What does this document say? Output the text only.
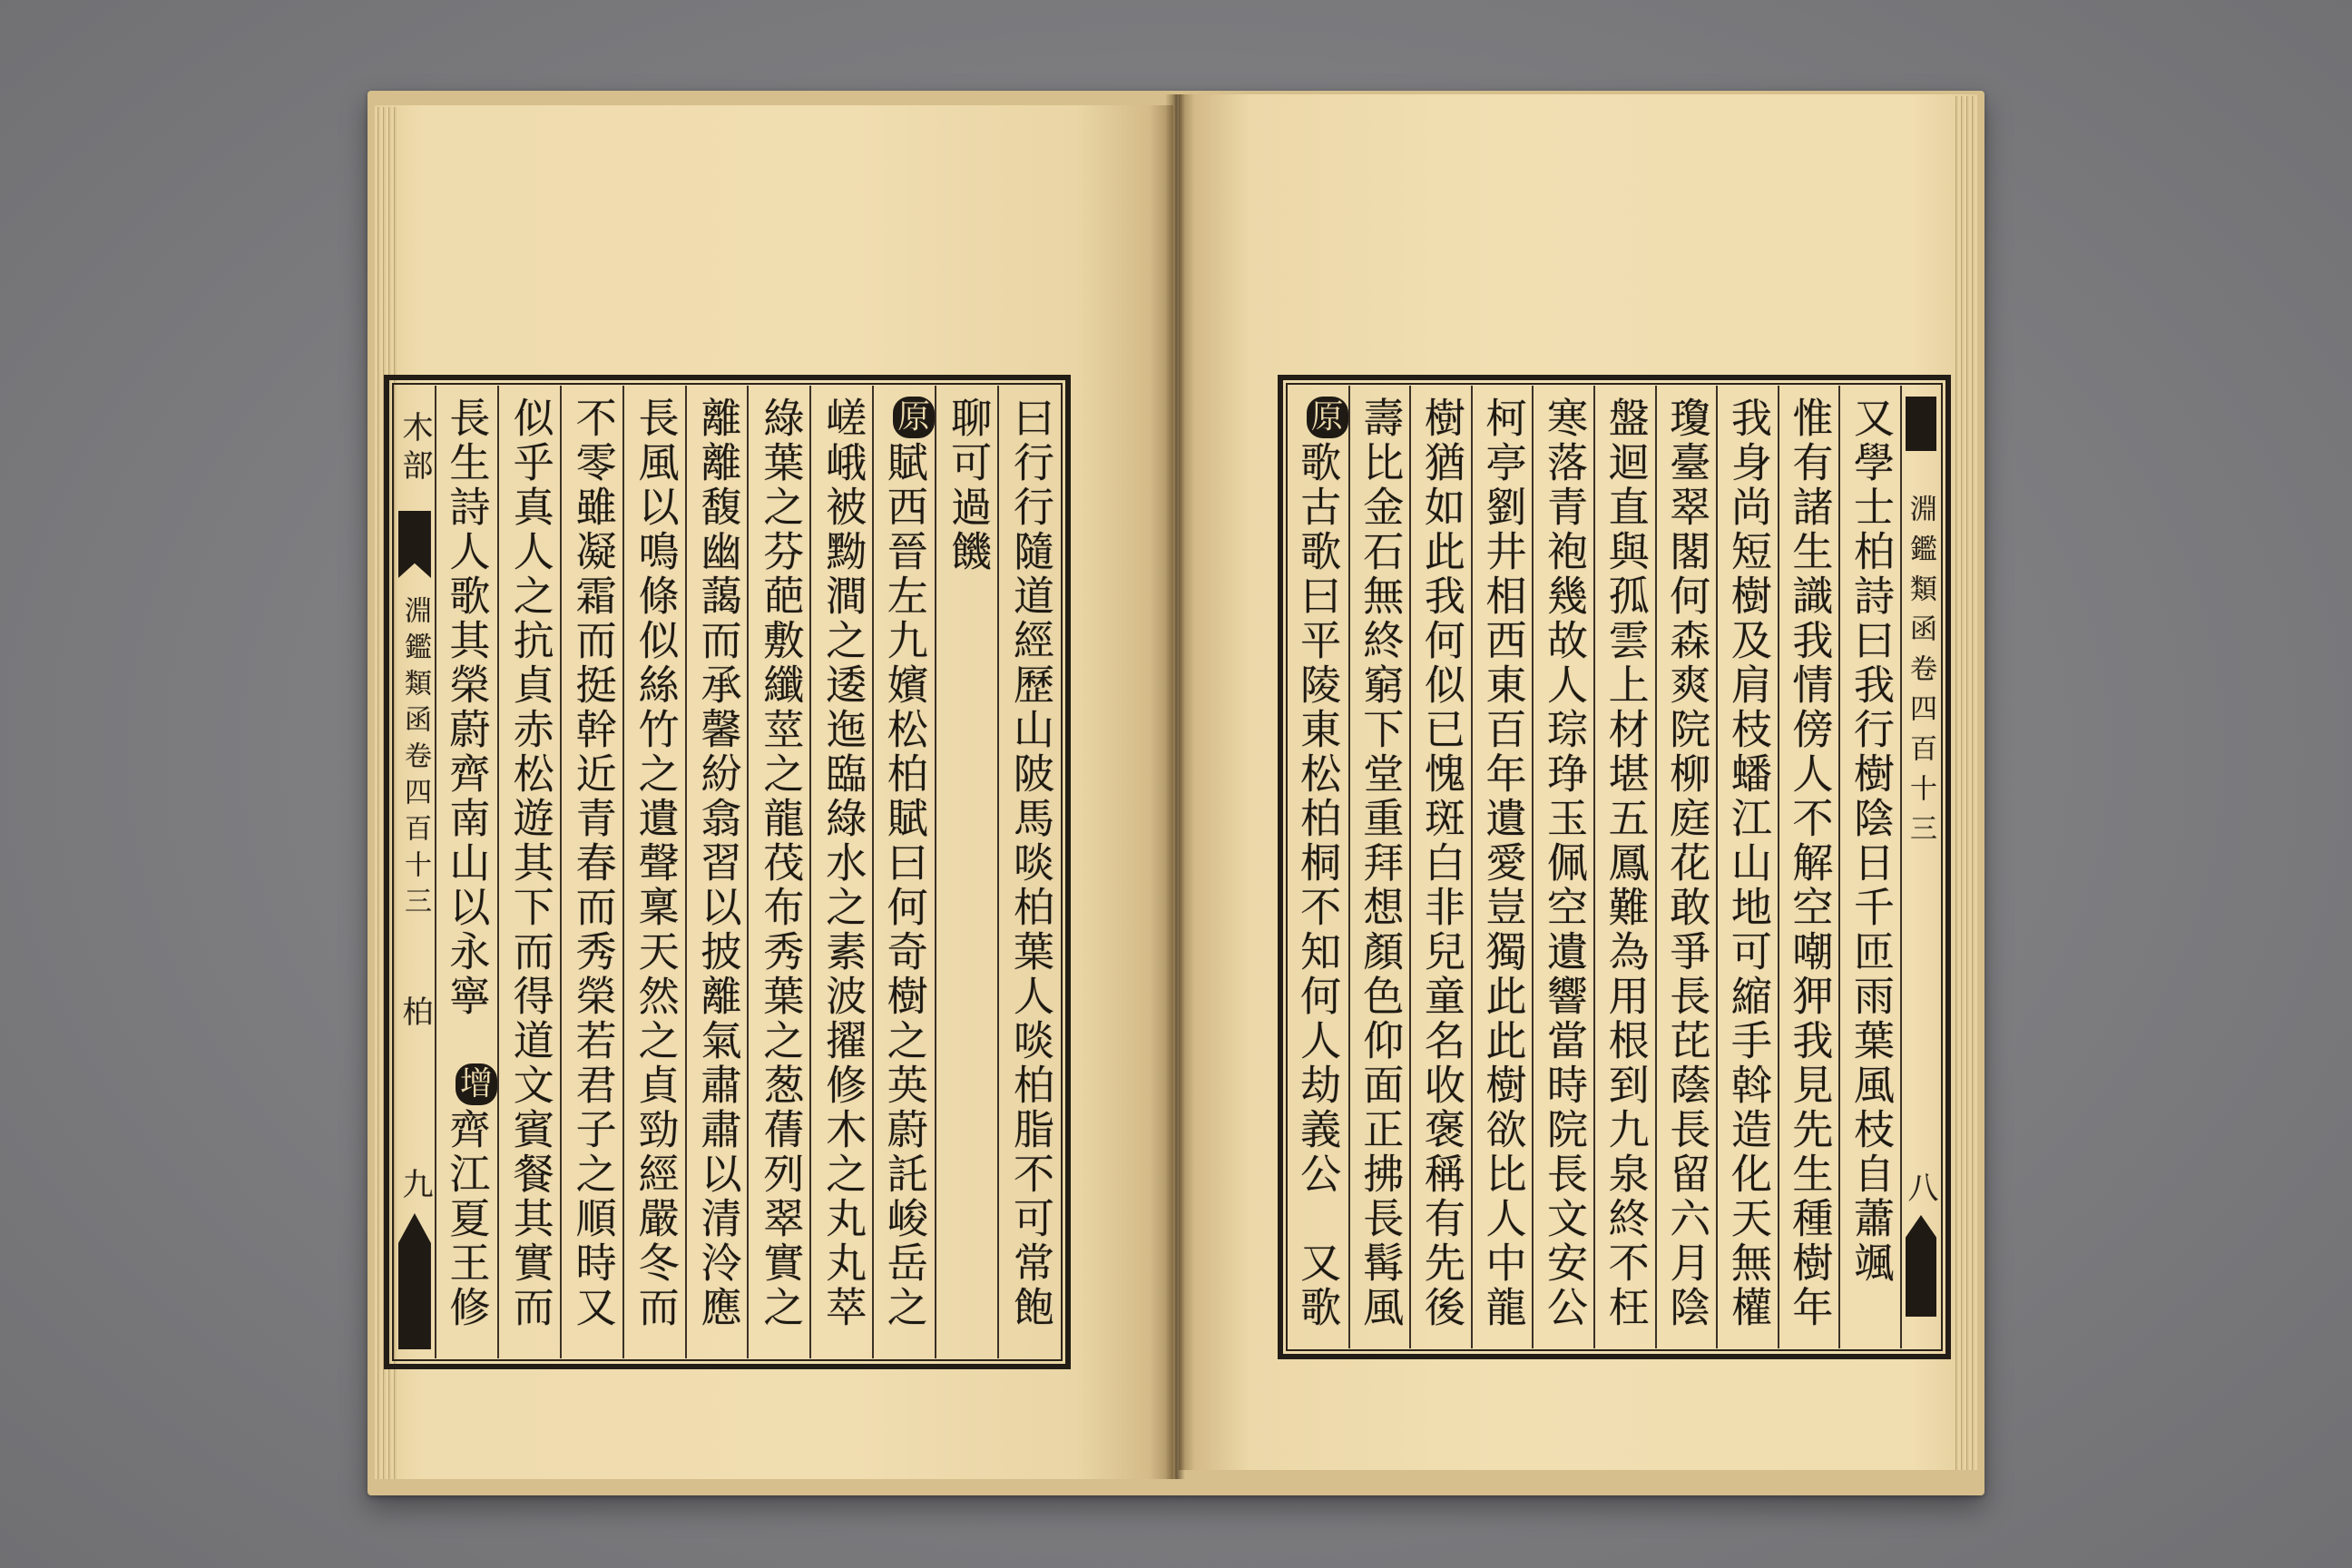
曰行行隨道經歷山陂馬啖柏葉人啖柏脂不可常飽
聊可過饑
原賦西晉左九嬪松柏賦曰何奇樹之英蔚託峻岳之
嵯峨被黝澗之逶迤臨綠水之素波擢修木之丸丸萃
綠葉之芬葩敷纖莖之龍茷布秀葉之葱蒨列翠實之
離離馥幽藹而承馨紛翕習以披離氣肅肅以清泠應
長風以鳴條似絲竹之遺聲稟天然之貞勁經嚴冬而
不零雖凝霜而挺幹近青春而秀榮若君子之順時又
似乎真人之抗貞赤松遊其下而得道文賓餐其實而
長生詩人歌其榮蔚齊南山以永寧增齊江夏王修
木部
淵鑑類函卷四百十三
柏
九
淵鑑類函卷四百十三
八
又學士柏詩曰我行樹陰日千匝雨葉風枝自蕭颯
惟有諸生識我情傍人不解空嘲狎我見先生種樹年
我身尚短樹及肩枝蟠江山地可縮手斡造化天無權
瓊臺翠閣何森爽院柳庭花敢爭長芘蔭長留六月陰
盤迴直與孤雲上材堪五鳳難為用根到九泉終不枉
寒落青袍幾故人琮琤玉佩空遺響當時院長文安公
柯亭劉井相西東百年遺愛豈獨此此樹欲比人中龍
樹猶如此我何似已愧斑白非兒童名收褒稱有先後
壽比金石無終窮下堂重拜想顏色仰面正拂長髯風
原歌古歌曰平陵東松柏桐不知何人劫義公又歌
